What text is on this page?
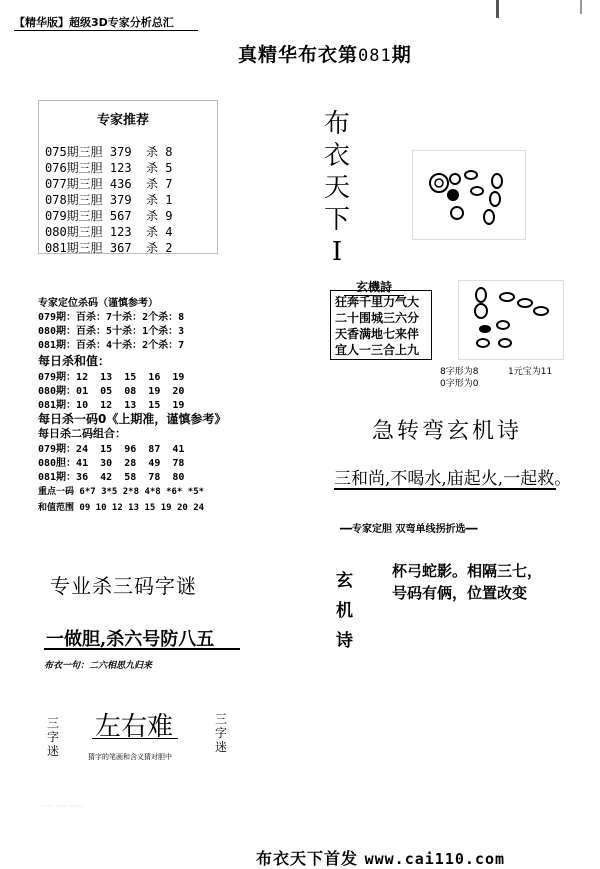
【精华版】超级3D专家分析总汇
真精华布衣第081期
专家推荐
075期三胆 379  杀 8
076期三胆 123  杀 5
077期三胆 436  杀 7
078期三胆 379  杀 1
079期三胆 567  杀 9
080期三胆 123  杀 4
081期三胆 367  杀 2
专家定位杀码（谨慎参考）
079期：百杀：7十杀：2个杀：8
080期：百杀：5十杀：1个杀：3
081期：百杀：4十杀：2个杀：7
每日杀和值：
079期：12  13  15  16  19
080期：01  05  08  19  20
081期：10  12  13  15  19
每日杀一码0《上期准，谨慎参考》
每日杀二码组合：
079期：24  15  96  87  41
080胆：41  30  28  49  78
081期：36  42  58  78  80
重点一码 6*7 3*5 2*8 4*8 *6* *5*
和值范围 09 10 12 13 15 19 20 24
布
衣
天
下
I
玄機詩
狂奔千里力气大
二十围城三六分
天香满地七来伴
宜人一三合上九
8字形为8	1元宝为11
0字形为0
急转弯玄机诗
三和尚,不喝水,庙起火,一起救。
━━专家定胆 双弯单线拐折选━━
玄
机
诗
杯弓蛇影。相隔三七，
号码有俩，位置改变
专业杀三码字谜
一做胆,杀六号防八五
布衣一句：二六相思九归来
三
字
迷
左右难	三
字
迷
猜字的笔画和含义猜对胆中
····· ····· ·····
布衣天下首发 www.cai110.com
